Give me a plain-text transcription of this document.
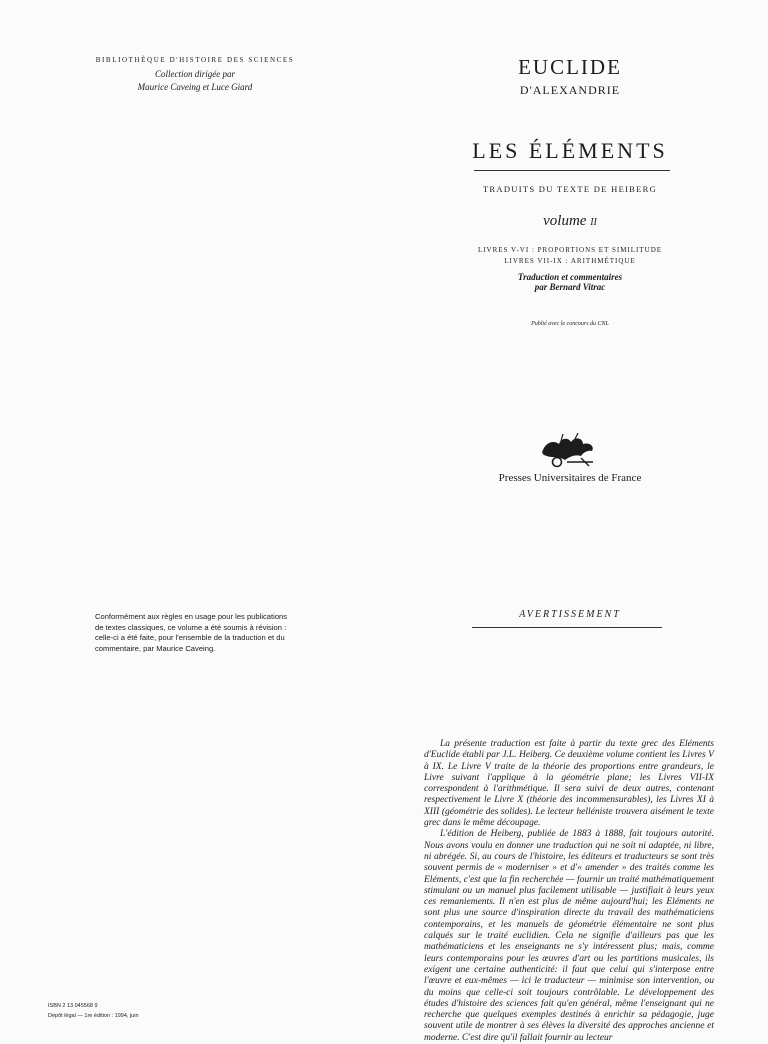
BIBLIOTHÈQUE D'HISTOIRE DES SCIENCES
Collection dirigée par
Maurice Caveing et Luce Giard
EUCLIDE
D'ALEXANDRIE
LES ÉLÉMENTS
TRADUITS DU TEXTE DE HEIBERG
volume II
LIVRES V-VI : PROPORTIONS ET SIMILITUDE
LIVRES VII-IX : ARITHMÉTIQUE
Traduction et commentaires
par Bernard Vitrac
Publié avec le concours du CNL
Presses Universitaires de France
Conformément aux règles en usage pour les publications de textes classiques, ce volume a été soumis à révision : celle-ci a été faite, pour l'ensemble de la traduction et du commentaire, par Maurice Caveing.
AVERTISSEMENT

La présente traduction est faite à partir du texte grec des Eléments d'Euclide établi par J.L. Heiberg. Ce deuxième volume contient les Livres V à IX. Le Livre V traite de la théorie des proportions entre grandeurs, le Livre suivant l'applique à la géométrie plane; les Livres VII-IX correspondent à l'arithmétique. Il sera suivi de deux autres, contenant respectivement le Livre X (théorie des incommensurables), les Livres XI à XIII (géométrie des solides). Le lecteur helléniste trouvera aisément le texte grec dans le même découpage.

L'édition de Heiberg, publiée de 1883 à 1888, fait toujours autorité. Nous avons voulu en donner une traduction qui ne soit ni adaptée, ni libre, ni abrégée. Si, au cours de l'histoire, les éditeurs et traducteurs se sont très souvent permis de « moderniser » et d'« amender » des traités comme les Eléments, c'est que la fin recherchée — fournir un traité mathématiquement stimulant ou un manuel plus facilement utilisable — justifiait à leurs yeux ces remaniements. Il n'en est plus de même aujourd'hui; les Eléments ne sont plus une source d'inspiration directe du travail des mathématiciens contemporains, et les manuels de géométrie élémentaire ne sont plus calqués sur le traité euclidien. Cela ne signifie d'ailleurs pas que les mathématiciens et les enseignants ne s'y intéressent plus; mais, comme leurs contemporains pour les œuvres d'art ou les partitions musicales, ils exigent une certaine authenticité: il faut que celui qui s'interpose entre l'œuvre et eux-mêmes — ici le traducteur — minimise son intervention, ou du moins que celle-ci soit toujours contrôlable. Le développement des études d'histoire des sciences fait qu'en général, même l'enseignant qui ne recherche que quelques exemples destinés à enrichir sa pédagogie, juge souvent utile de montrer à ses élèves la diversité des approches ancienne et moderne. C'est dire qu'il fallait fournir au lecteur

ISBN 2 13 045568 9
Dépôt légal — 1re édition : 1994, juin
